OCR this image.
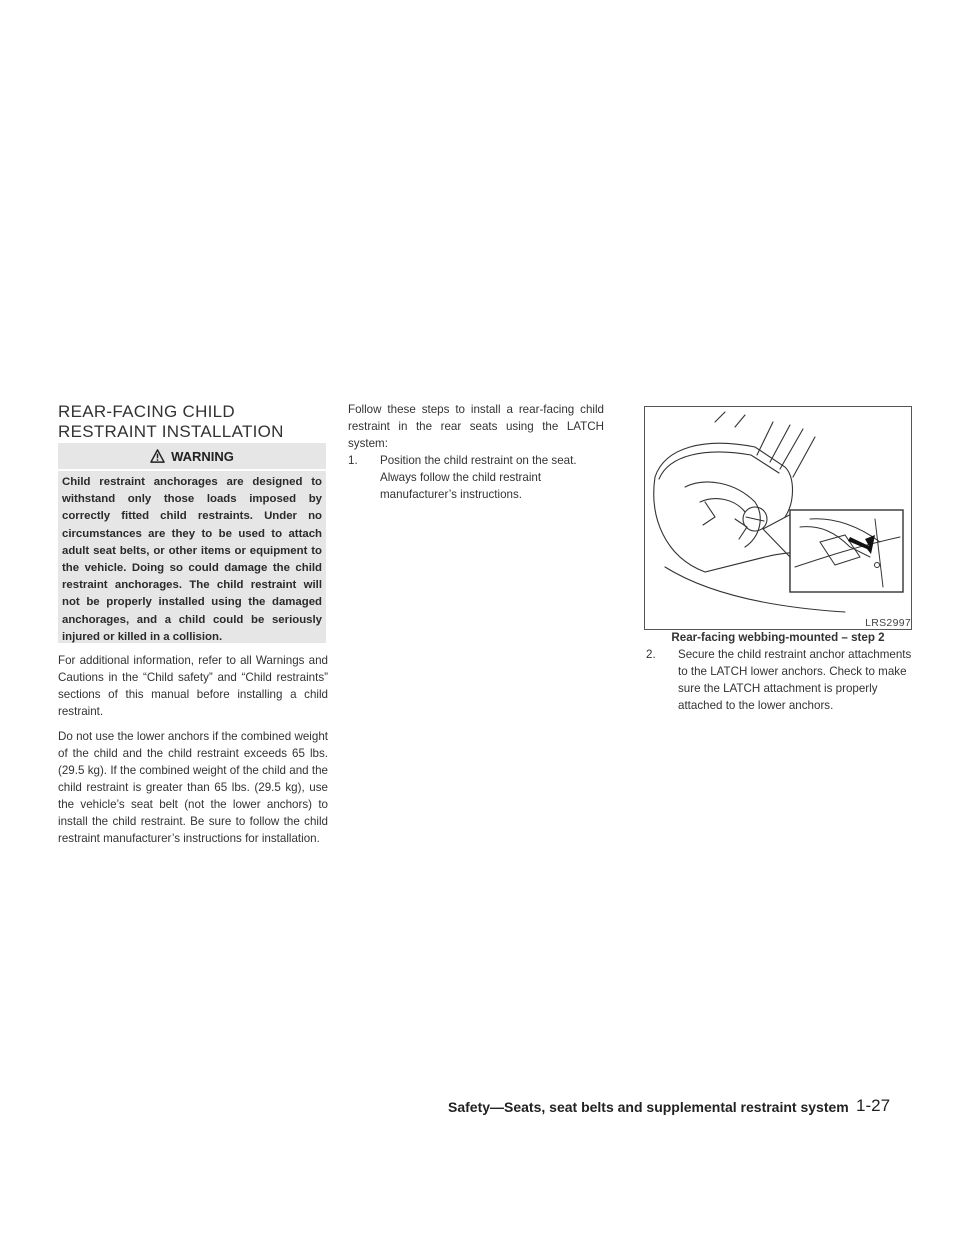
REAR-FACING CHILD
RESTRAINT INSTALLATION

WARNING

Child restraint anchorages are designed to withstand only those loads imposed by correctly fitted child restraints. Under no circumstances are they to be used to attach adult seat belts, or other items or equipment to the vehicle. Doing so could damage the child restraint anchorages. The child restraint will not be properly installed using the damaged anchorages, and a child could be seriously injured or killed in a collision.

For additional information, refer to all Warnings and Cautions in the “Child safety” and “Child restraints” sections of this manual before installing a child restraint.

Do not use the lower anchors if the combined weight of the child and the child restraint exceeds 65 lbs. (29.5 kg). If the combined weight of the child and the child restraint is greater than 65 lbs. (29.5 kg), use the vehicle’s seat belt (not the lower anchors) to install the child restraint. Be sure to follow the child restraint manufacturer’s instructions for installation.

Follow these steps to install a rear-facing child restraint in the rear seats using the LATCH system:

1. Position the child restraint on the seat. Always follow the child restraint manufacturer’s instructions.
LRS2997
Rear-facing webbing-mounted – step 2
2. Secure the child restraint anchor attachments to the LATCH lower anchors. Check to make sure the LATCH attachment is properly attached to the lower anchors.
Safety—Seats, seat belts and supplemental restraint system 1-27
